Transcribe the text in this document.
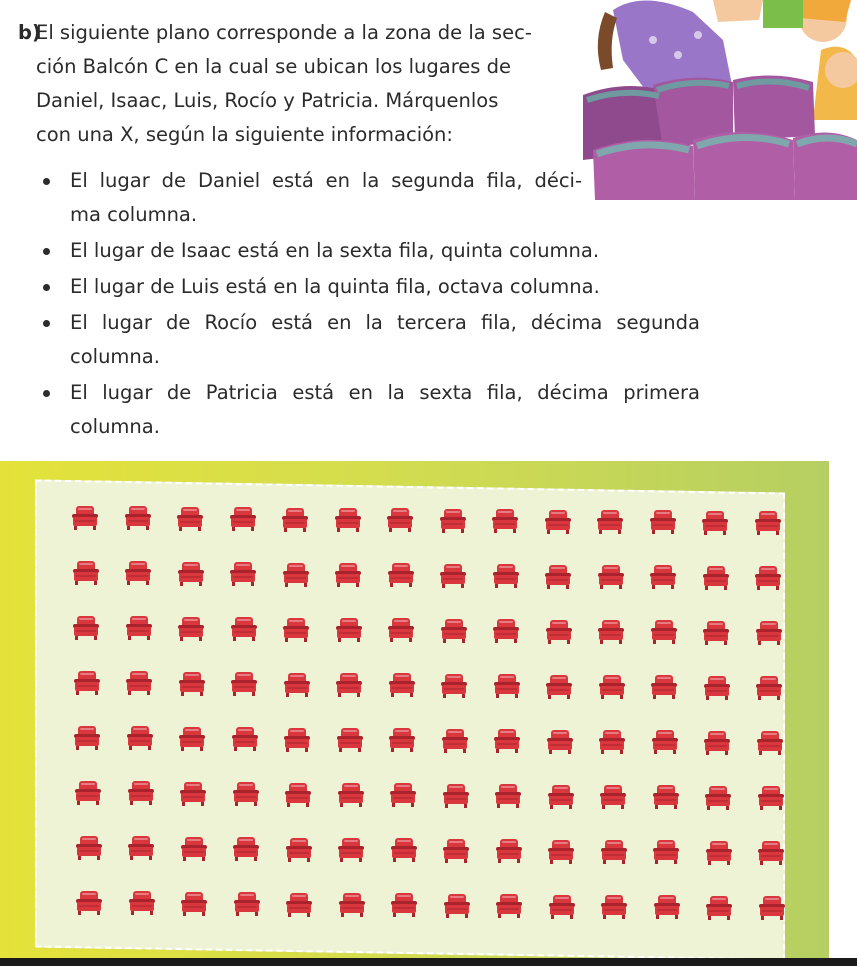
b)
El siguiente plano corresponde a la zona de la sec-
ción Balcón C en la cual se ubican los lugares de
Daniel, Isaac, Luis, Rocío y Patricia. Márquenlos
con una X, según la siguiente información:
El lugar de Daniel está en la segunda fila, déci-
ma columna.
El lugar de Isaac está en la sexta fila, quinta columna.
El lugar de Luis está en la quinta fila, octava columna.
El lugar de Rocío está en la tercera fila, décima segunda
columna.
El lugar de Patricia está en la sexta fila, décima primera
columna.
